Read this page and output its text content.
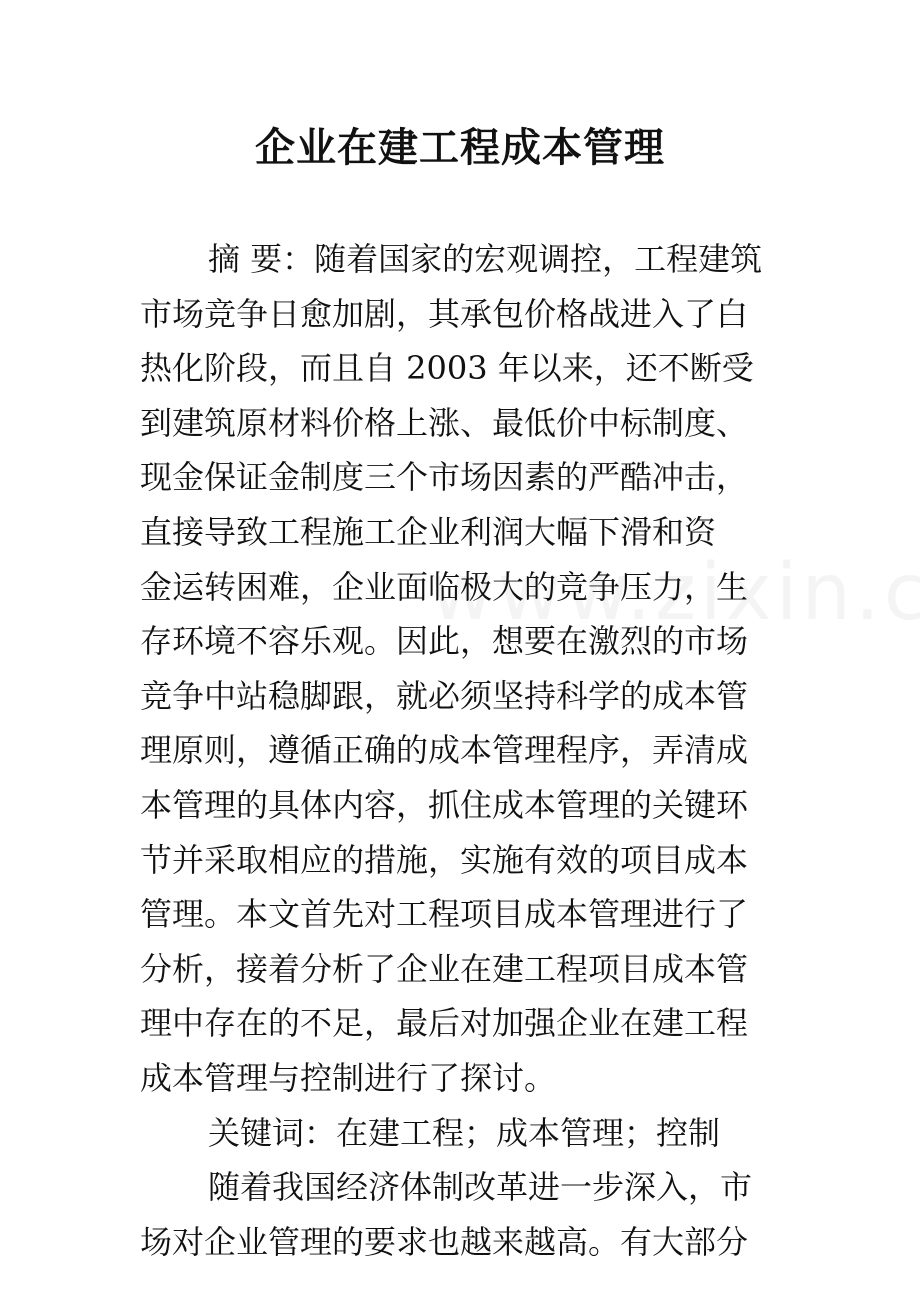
企业在建工程成本管理
摘 要：随着国家的宏观调控，工程建筑
市场竞争日愈加剧，其承包价格战进入了白
热化阶段，而且自 2003 年以来，还不断受
到建筑原材料价格上涨、最低价中标制度、
现金保证金制度三个市场因素的严酷冲击，
直接导致工程施工企业利润大幅下滑和资
金运转困难，企业面临极大的竞争压力，生
存环境不容乐观。因此，想要在激烈的市场
竞争中站稳脚跟，就必须坚持科学的成本管
理原则，遵循正确的成本管理程序，弄清成
本管理的具体内容，抓住成本管理的关键环
节并采取相应的措施，实施有效的项目成本
管理。本文首先对工程项目成本管理进行了
分析，接着分析了企业在建工程项目成本管
理中存在的不足，最后对加强企业在建工程
成本管理与控制进行了探讨。
关键词：在建工程；成本管理；控制
随着我国经济体制改革进一步深入，市
场对企业管理的要求也越来越高。有大部分
